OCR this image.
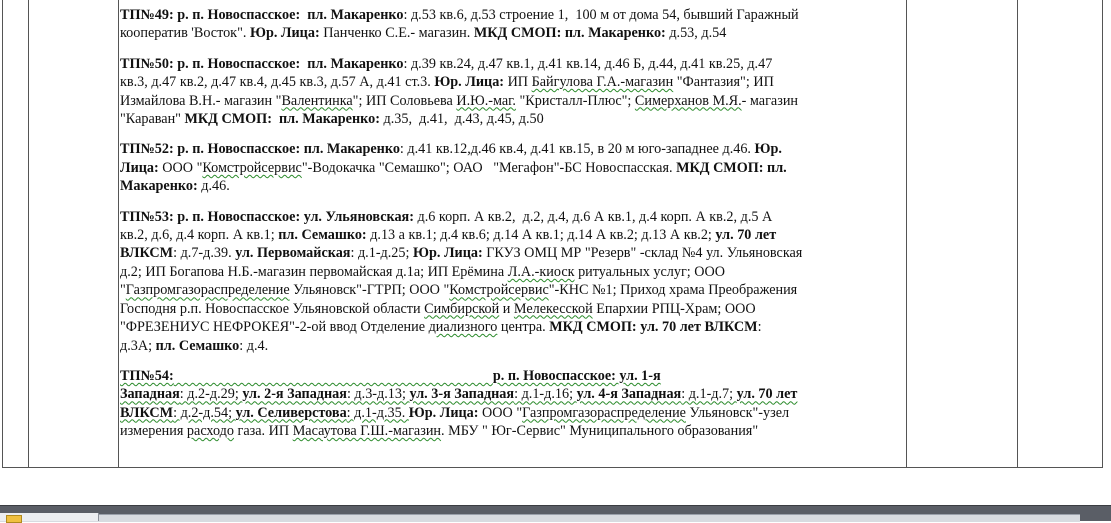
ТП№49: р. п. Новоспасское:  пл. Макаренко: д.53 кв.6, д.53 строение 1,  100 м от дома 54, бывший Гаражный
кооператив 'Восток". Юр. Лица: Панченко С.Е.- магазин. МКД СМОП: пл. Макаренко: д.53, д.54
ТП№50: р. п. Новоспасское:  пл. Макаренко: д.39 кв.24, д.47 кв.1, д.41 кв.14, д.46 Б, д.44, д.41 кв.25, д.47
кв.3, д.47 кв.2, д.47 кв.4, д.45 кв.3, д.57 А, д.41 ст.3. Юр. Лица: ИП Байгулова Г.А.-магазин "Фантазия"; ИП
Измайлова В.Н.- магазин "Валентинка"; ИП Соловьева И.Ю.-маг. "Кристалл-Плюс"; Симерханов М.Я.- магазин
"Караван" МКД СМОП:  пл. Макаренко: д.35,  д.41,  д.43, д.45, д.50
ТП№52: р. п. Новоспасское: пл. Макаренко: д.41 кв.12,д.46 кв.4, д.41 кв.15, в 20 м юго-западнее д.46. Юр.
Лица: ООО "Комстройсервис"-Водокачка "Семашко"; ОАО   "Мегафон"-БС Новоспасская. МКД СМОП: пл.
Макаренко: д.46.
ТП№53: р. п. Новоспасское: ул. Ульяновская: д.6 корп. А кв.2,  д.2, д.4, д.6 А кв.1, д.4 корп. А кв.2, д.5 А
кв.2, д.6, д.4 корп. А кв.1; пл. Семашко: д.13 а кв.1; д.4 кв.6; д.14 А кв.1; д.14 А кв.2; д.13 А кв.2; ул. 70 лет
ВЛКСМ: д.7-д.39. ул. Первомайская: д.1-д.25; Юр. Лица: ГКУЗ ОМЦ МР "Резерв" -склад №4 ул. Ульяновская
д.2; ИП Богапова Н.Б.-магазин первомайская д.1а; ИП Ерёмина Л.А.-киоск ритуальных услуг; ООО
"Газпромгазораспределение Ульяновск"-ГТРП; ООО "Комстройсервис"-КНС №1; Приход храма Преображения
Господня р.п. Новоспасское Ульяновской области Симбирской и Мелекесской Епархии РПЦ-Храм; ООО
"ФРЕЗЕНИУС НЕФРОКЕЯ"-2-ой ввод Отделение диализного центра. МКД СМОП: ул. 70 лет ВЛКСМ:
д.3А; пл. Семашко: д.4.
ТП№54:	р. п. Новоспасское: ул. 1-я
Западная: д.2-д.29; ул. 2-я Западная: д.3-д.13; ул. 3-я Западная: д.1-д.16; ул. 4-я Западная: д.1-д.7; ул. 70 лет
ВЛКСМ: д.2-д.54; ул. Селиверстова: д.1-д.35. Юр. Лица: ООО "Газпромгазораспределение Ульяновск"-узел
измерения расходо газа. ИП Масаутова Г.Ш.-магазин. МБУ " Юг-Сервис" Муниципального образования"
